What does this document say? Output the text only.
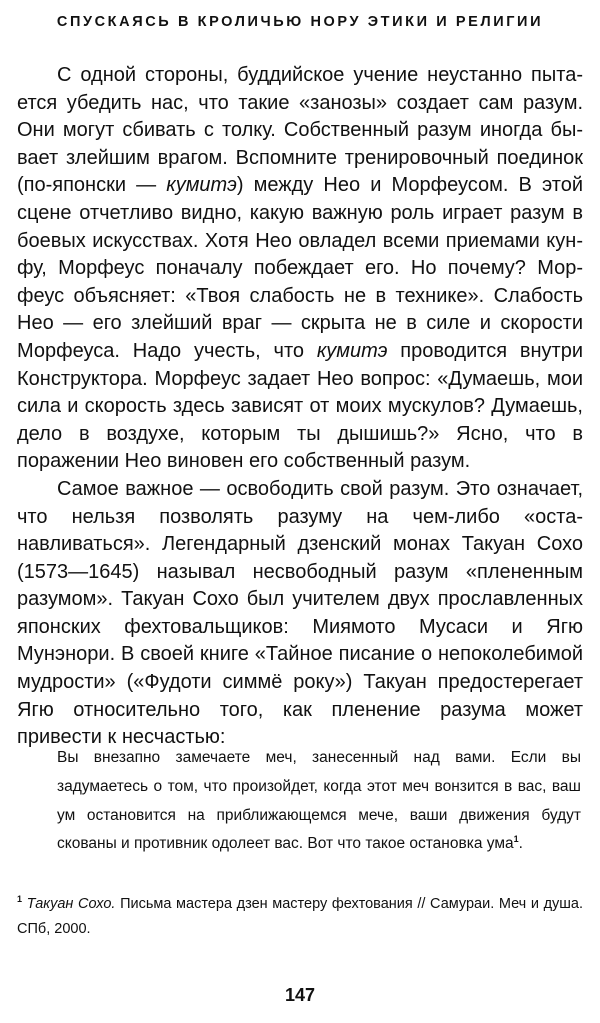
СПУСКАЯСЬ В КРОЛИЧЬЮ НОРУ ЭТИКИ И РЕЛИГИИ

С одной стороны, буддийское учение неустанно пытается убедить нас, что такие «занозы» создает сам разум. Они могут сбивать с толку. Собственный разум иногда бывает злейшим врагом. Вспомните тренировочный поединок (по-японски — кумитэ) между Нео и Морфеусом. В этой сцене отчетливо видно, какую важную роль играет разум в боевых искусствах. Хотя Нео овладел всеми приемами кун-фу, Морфеус поначалу побеждает его. Но почему? Морфеус объясняет: «Твоя слабость не в технике». Слабость Нео — его злейший враг — скрыта не в силе и скорости Морфеуса. Надо учесть, что кумитэ проводится внутри Конструктора. Морфеус задает Нео вопрос: «Думаешь, мои сила и скорость здесь зависят от моих мускулов? Думаешь, дело в воздухе, которым ты дышишь?» Ясно, что в поражении Нео виновен его собственный разум.

Самое важное — освободить свой разум. Это означает, что нельзя позволять разуму на чем-либо «останавливаться». Легендарный дзенский монах Такуан Сохо (1573—1645) называл несвободный разум «плененным разумом». Такуан Сохо был учителем двух прославленных японских фехтовальщиков: Миямото Мусаси и Ягю Мунэнори. В своей книге «Тайное писание о непоколебимой мудрости» («Фудоти симмё року») Такуан предостерегает Ягю относительно того, как пленение разума может привести к несчастью:

Вы внезапно замечаете меч, занесенный над вами. Если вы задумаетесь о том, что произойдет, когда этот меч вонзится в вас, ваш ум остановится на приближающемся мече, ваши движения будут скованы и противник одолеет вас. Вот что такое остановка ума$^1$.
$^1$ Такуан Сохо. Письма мастера дзен мастеру фехтования // Самураи. Меч и душа. СПб, 2000.
147
